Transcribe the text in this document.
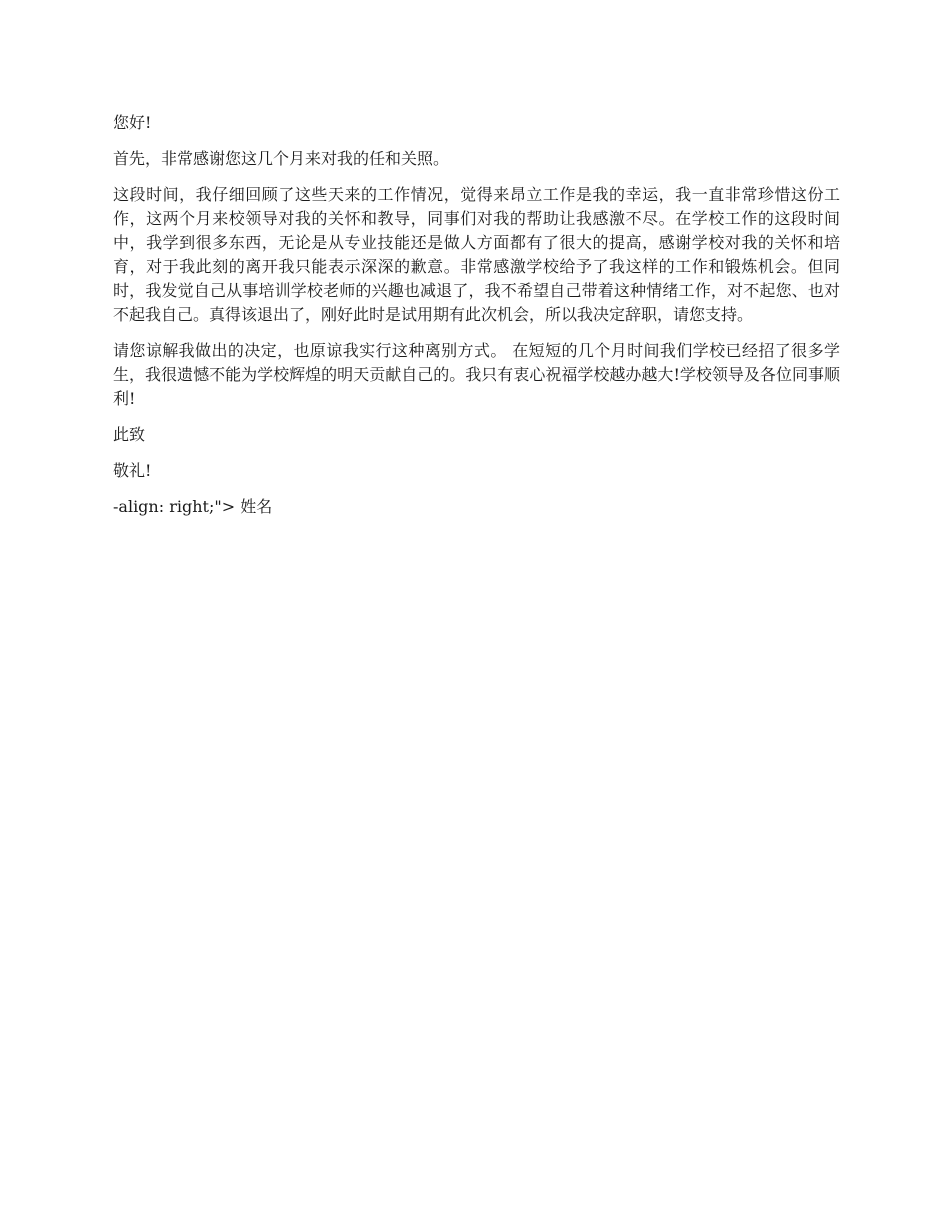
您好!

首先，非常感谢您这几个月来对我的任和关照。

这段时间，我仔细回顾了这些天来的工作情况，觉得来昂立工作是我的幸运，我一直非常珍惜这份工作，这两个月来校领导对我的关怀和教导，同事们对我的帮助让我感激不尽。在学校工作的这段时间中，我学到很多东西，无论是从专业技能还是做人方面都有了很大的提高，感谢学校对我的关怀和培育，对于我此刻的离开我只能表示深深的歉意。非常感激学校给予了我这样的工作和锻炼机会。但同时，我发觉自己从事培训学校老师的兴趣也减退了，我不希望自己带着这种情绪工作，对不起您、也对不起我自己。真得该退出了，刚好此时是试用期有此次机会，所以我决定辞职，请您支持。

请您谅解我做出的决定，也原谅我实行这种离别方式。 在短短的几个月时间我们学校已经招了很多学生，我很遗憾不能为学校辉煌的明天贡献自己的。我只有衷心祝福学校越办越大!学校领导及各位同事顺利!

此致

敬礼!

-align: right;"> 姓名
